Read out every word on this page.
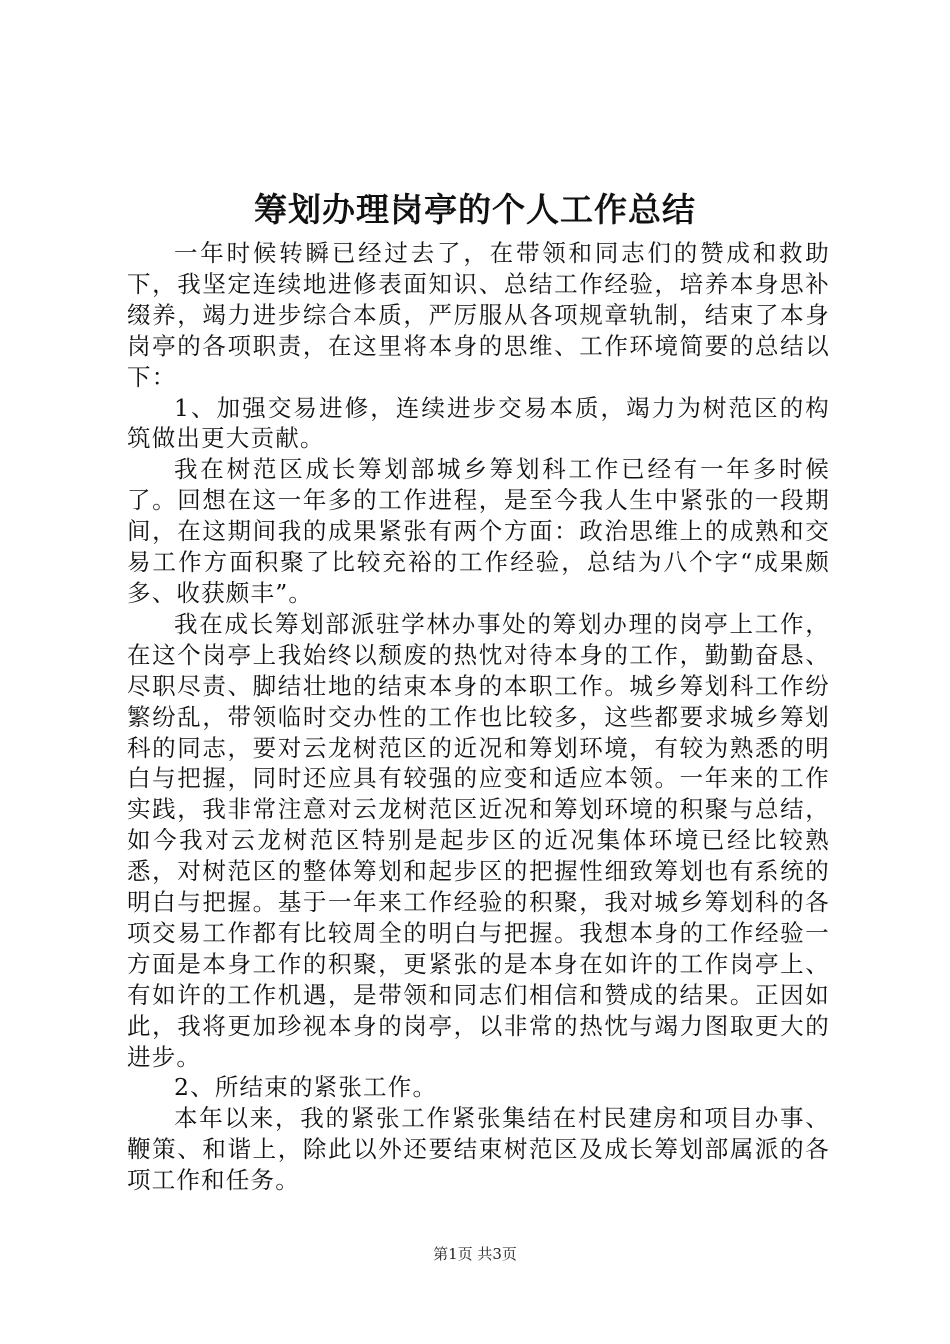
筹划办理岗亭的个人工作总结

一年时候转瞬已经过去了，在带领和同志们的赞成和救助下，我坚定连续地进修表面知识、总结工作经验，培养本身思补缀养，竭力进步综合本质，严厉服从各项规章轨制，结束了本身岗亭的各项职责，在这里将本身的思维、工作环境简要的总结以下：

1、加强交易进修，连续进步交易本质，竭力为树范区的构筑做出更大贡献。

我在树范区成长筹划部城乡筹划科工作已经有一年多时候了。回想在这一年多的工作进程，是至今我人生中紧张的一段期间，在这期间我的成果紧张有两个方面：政治思维上的成熟和交易工作方面积聚了比较充裕的工作经验，总结为八个字“成果颇多、收获颇丰”。

我在成长筹划部派驻学林办事处的筹划办理的岗亭上工作，在这个岗亭上我始终以颓废的热忱对待本身的工作，勤勤奋恳、尽职尽责、脚结壮地的结束本身的本职工作。城乡筹划科工作纷繁纷乱，带领临时交办性的工作也比较多，这些都要求城乡筹划科的同志，要对云龙树范区的近况和筹划环境，有较为熟悉的明白与把握，同时还应具有较强的应变和适应本领。一年来的工作实践，我非常注意对云龙树范区近况和筹划环境的积聚与总结，如今我对云龙树范区特别是起步区的近况集体环境已经比较熟悉，对树范区的整体筹划和起步区的把握性细致筹划也有系统的明白与把握。基于一年来工作经验的积聚，我对城乡筹划科的各项交易工作都有比较周全的明白与把握。我想本身的工作经验一方面是本身工作的积聚，更紧张的是本身在如许的工作岗亭上、有如许的工作机遇，是带领和同志们相信和赞成的结果。正因如此，我将更加珍视本身的岗亭，以非常的热忱与竭力图取更大的进步。

2、所结束的紧张工作。

本年以来，我的紧张工作紧张集结在村民建房和项目办事、鞭策、和谐上，除此以外还要结束树范区及成长筹划部属派的各项工作和任务。

第1页 共3页
